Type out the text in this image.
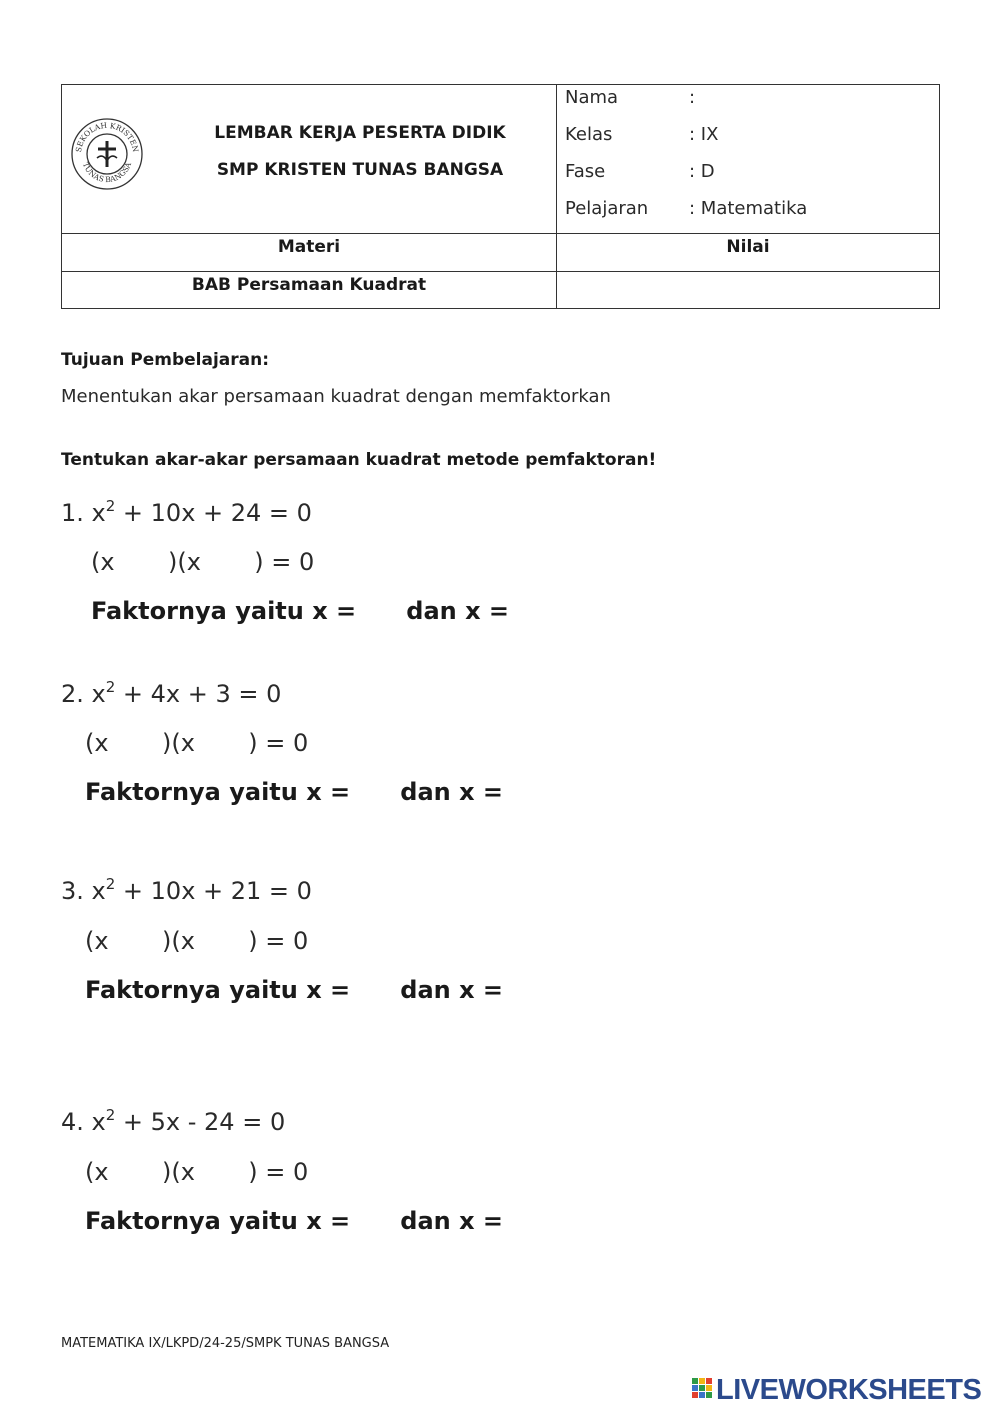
SEKOLAH KRISTEN
TUNAS BANGSA
LEMBAR KERJA PESERTA DIDIK
SMP KRISTEN TUNAS BANGSA
Nama	:
Kelas	: IX
Fase	: D
Pelajaran : Matematika
Materi	Nilai
BAB Persamaan Kuadrat
Tujuan Pembelajaran:
Menentukan akar persamaan kuadrat dengan memfaktorkan
Tentukan akar-akar persamaan kuadrat metode pemfaktoran!
1. $x^2 + 10x + 24 = 0$
(x       )(x       ) = 0
Faktornya yaitu x =      dan x =
2. $x^2 + 4x + 3 = 0$
(x       )(x       ) = 0
Faktornya yaitu x =      dan x =
3. $x^2 + 10x + 21 = 0$
(x       )(x       ) = 0
Faktornya yaitu x =      dan x =
4. $x^2 + 5x - 24 = 0$
(x       )(x       ) = 0
Faktornya yaitu x =      dan x =
MATEMATIKA IX/LKPD/24-25/SMPK TUNAS BANGSA
LIVEWORKSHEETS
